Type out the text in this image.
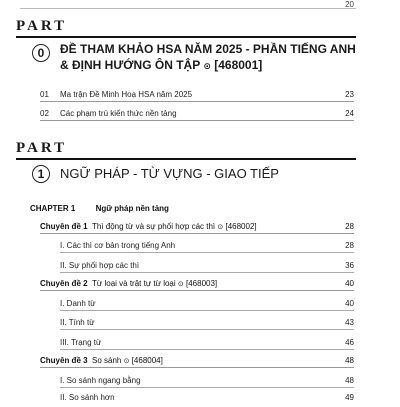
20
PART
0 ĐỀ THAM KHẢO HSA NĂM 2025 - PHẦN TIẾNG ANH
& ĐỊNH HƯỚNG ÔN TẬP ⊙ [468001]
01 Ma trận Đề Minh Hoạ HSA năm 2025	23
02 Các phạm trù kiến thức nền tảng	24
PART
1 NGỮ PHÁP - TỪ VỰNG - GIAO TIẾP
CHAPTER 1	Ngữ pháp nền tảng
Chuyên đề 1 Thì động từ và sự phối hợp các thì ⊙ [468002]	28
I. Các thì cơ bản trong tiếng Anh	28
II. Sự phối hợp các thì	36
Chuyên đề 2 Từ loại và trật tự từ loại ⊙ [468003]	40
I. Danh từ	40
II. Tính từ	43
III. Trạng từ	46
Chuyên đề 3 So sánh ⊙ [468004]	48
I. So sánh ngang bằng	48
II. So sánh hơn	49
